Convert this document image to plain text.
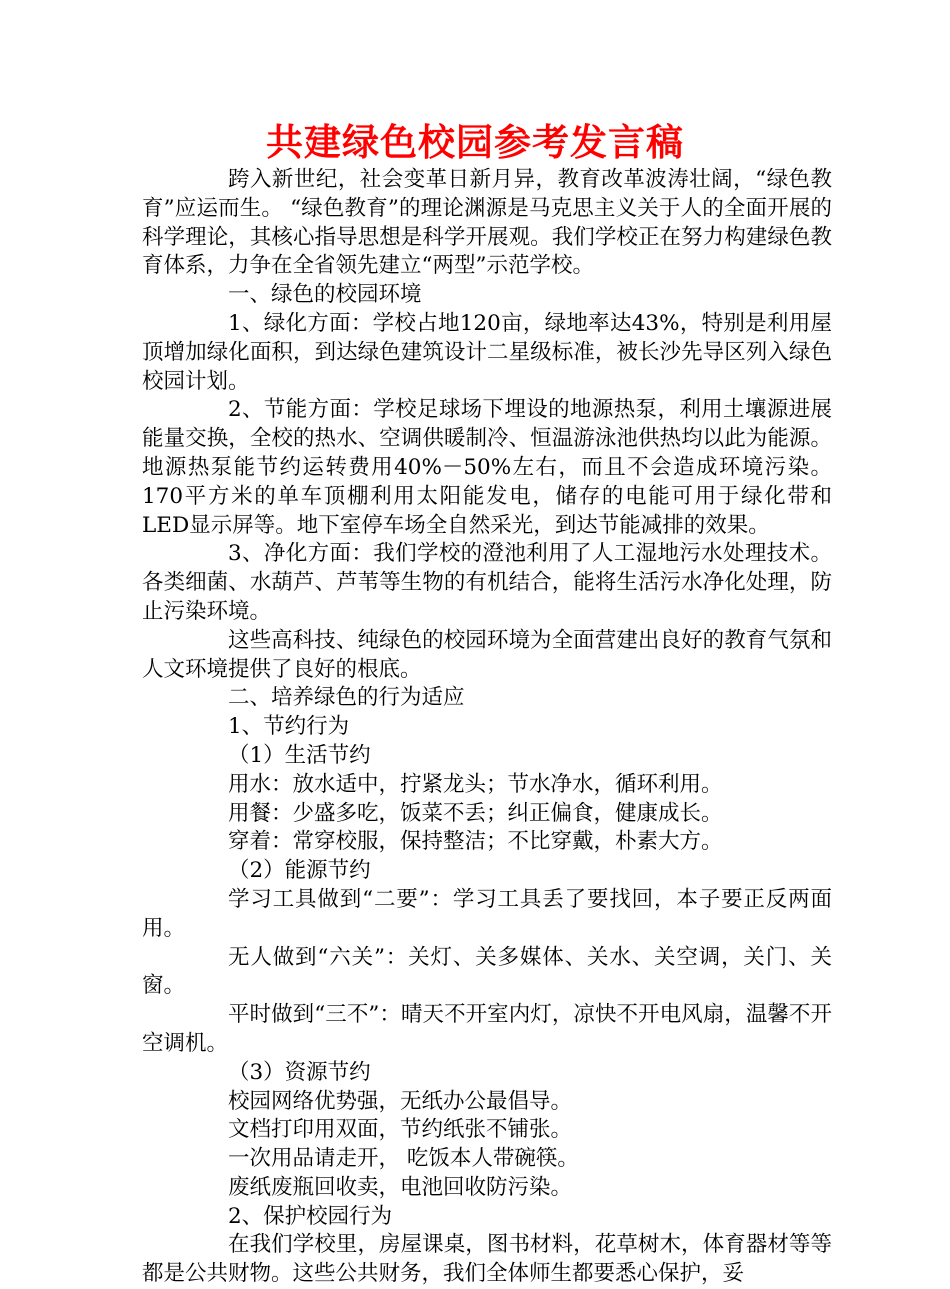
共建绿色校园参考发言稿

跨入新世纪，社会变革日新月异，教育改革波涛壮阔，“绿色教育”应运而生。 “绿色教育”的理论渊源是马克思主义关于人的全面开展的科学理论，其核心指导思想是科学开展观。我们学校正在努力构建绿色教育体系，力争在全省领先建立“两型”示范学校。

一、绿色的校园环境

1、绿化方面：学校占地120亩，绿地率达43%，特别是利用屋顶增加绿化面积，到达绿色建筑设计二星级标准，被长沙先导区列入绿色校园计划。

2、节能方面：学校足球场下埋设的地源热泵，利用土壤源进展能量交换，全校的热水、空调供暖制冷、恒温游泳池供热均以此为能源。地源热泵能节约运转费用40%－50%左右，而且不会造成环境污染。170平方米的单车顶棚利用太阳能发电，储存的电能可用于绿化带和LED显示屏等。地下室停车场全自然采光，到达节能减排的效果。

3、净化方面：我们学校的澄池利用了人工湿地污水处理技术。各类细菌、水葫芦、芦苇等生物的有机结合，能将生活污水净化处理，防止污染环境。

这些高科技、纯绿色的校园环境为全面营建出良好的教育气氛和人文环境提供了良好的根底。

二、培养绿色的行为适应

1、节约行为

（1）生活节约

用水：放水适中，拧紧龙头；节水净水，循环利用。

用餐：少盛多吃，饭菜不丢；纠正偏食，健康成长。

穿着：常穿校服，保持整洁；不比穿戴，朴素大方。

（2）能源节约

学习工具做到“二要”：学习工具丢了要找回，本子要正反两面用。

无人做到“六关”：关灯、关多媒体、关水、关空调，关门、关窗。

平时做到“三不”：晴天不开室内灯，凉快不开电风扇，温馨不开空调机。

（3）资源节约

校园网络优势强，无纸办公最倡导。

文档打印用双面，节约纸张不铺张。

一次用品请走开， 吃饭本人带碗筷。

废纸废瓶回收卖，电池回收防污染。

2、保护校园行为

在我们学校里，房屋课桌，图书材料，花草树木，体育器材等等都是公共财物。这些公共财务，我们全体师生都要悉心保护，妥
